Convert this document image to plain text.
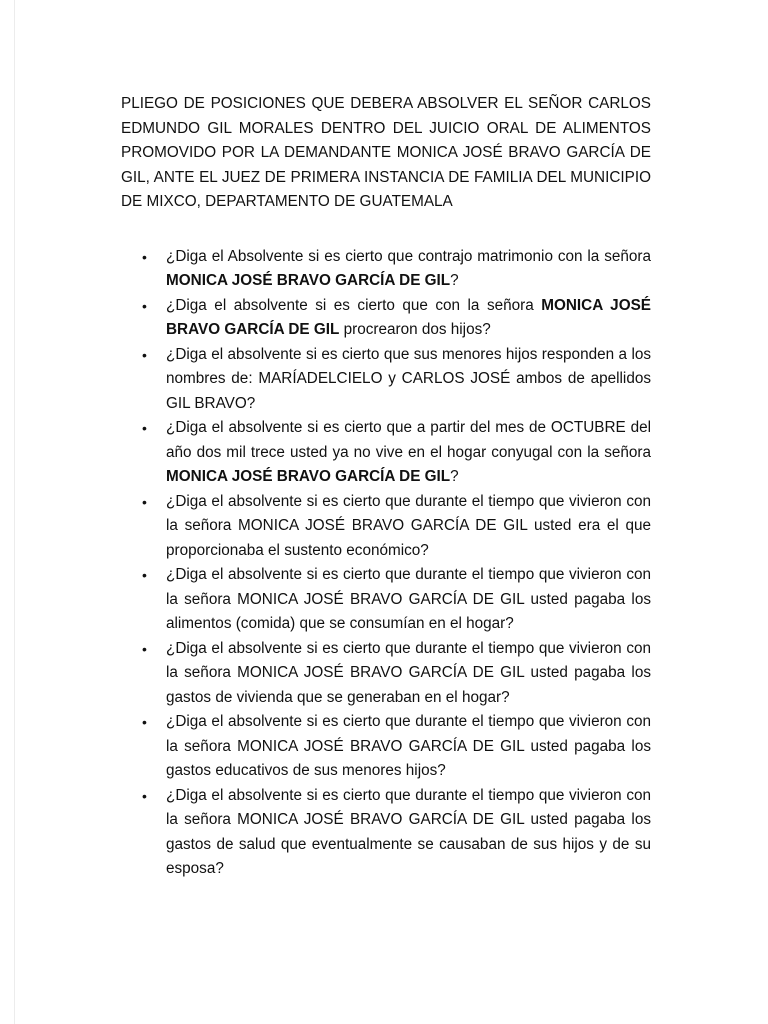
PLIEGO DE POSICIONES QUE DEBERA ABSOLVER EL SEÑOR CARLOS EDMUNDO GIL MORALES DENTRO DEL JUICIO ORAL DE ALIMENTOS PROMOVIDO POR LA DEMANDANTE MONICA JOSÉ BRAVO GARCÍA DE GIL, ANTE EL JUEZ DE PRIMERA INSTANCIA DE FAMILIA DEL MUNICIPIO DE MIXCO, DEPARTAMENTO DE GUATEMALA

• ¿Diga el Absolvente si es cierto que contrajo matrimonio con la señora MONICA JOSÉ BRAVO GARCÍA DE GIL?
• ¿Diga el absolvente si es cierto que con la señora MONICA JOSÉ BRAVO GARCÍA DE GIL procrearon dos hijos?
• ¿Diga el absolvente si es cierto que sus menores hijos responden a los nombres de: MARÍADELCIELO y CARLOS JOSÉ ambos de apellidos GIL BRAVO?
• ¿Diga el absolvente si es cierto que a partir del mes de OCTUBRE del año dos mil trece usted ya no vive en el hogar conyugal con la señora MONICA JOSÉ BRAVO GARCÍA DE GIL?
• ¿Diga el absolvente si es cierto que durante el tiempo que vivieron con la señora MONICA JOSÉ BRAVO GARCÍA DE GIL usted era el que proporcionaba el sustento económico?
• ¿Diga el absolvente si es cierto que durante el tiempo que vivieron con la señora MONICA JOSÉ BRAVO GARCÍA DE GIL usted pagaba los alimentos (comida) que se consumían en el hogar?
• ¿Diga el absolvente si es cierto que durante el tiempo que vivieron con la señora MONICA JOSÉ BRAVO GARCÍA DE GIL usted pagaba los gastos de vivienda que se generaban en el hogar?
• ¿Diga el absolvente si es cierto que durante el tiempo que vivieron con la señora MONICA JOSÉ BRAVO GARCÍA DE GIL usted pagaba los gastos educativos de sus menores hijos?
• ¿Diga el absolvente si es cierto que durante el tiempo que vivieron con la señora MONICA JOSÉ BRAVO GARCÍA DE GIL usted pagaba los gastos de salud que eventualmente se causaban de sus hijos y de su esposa?
